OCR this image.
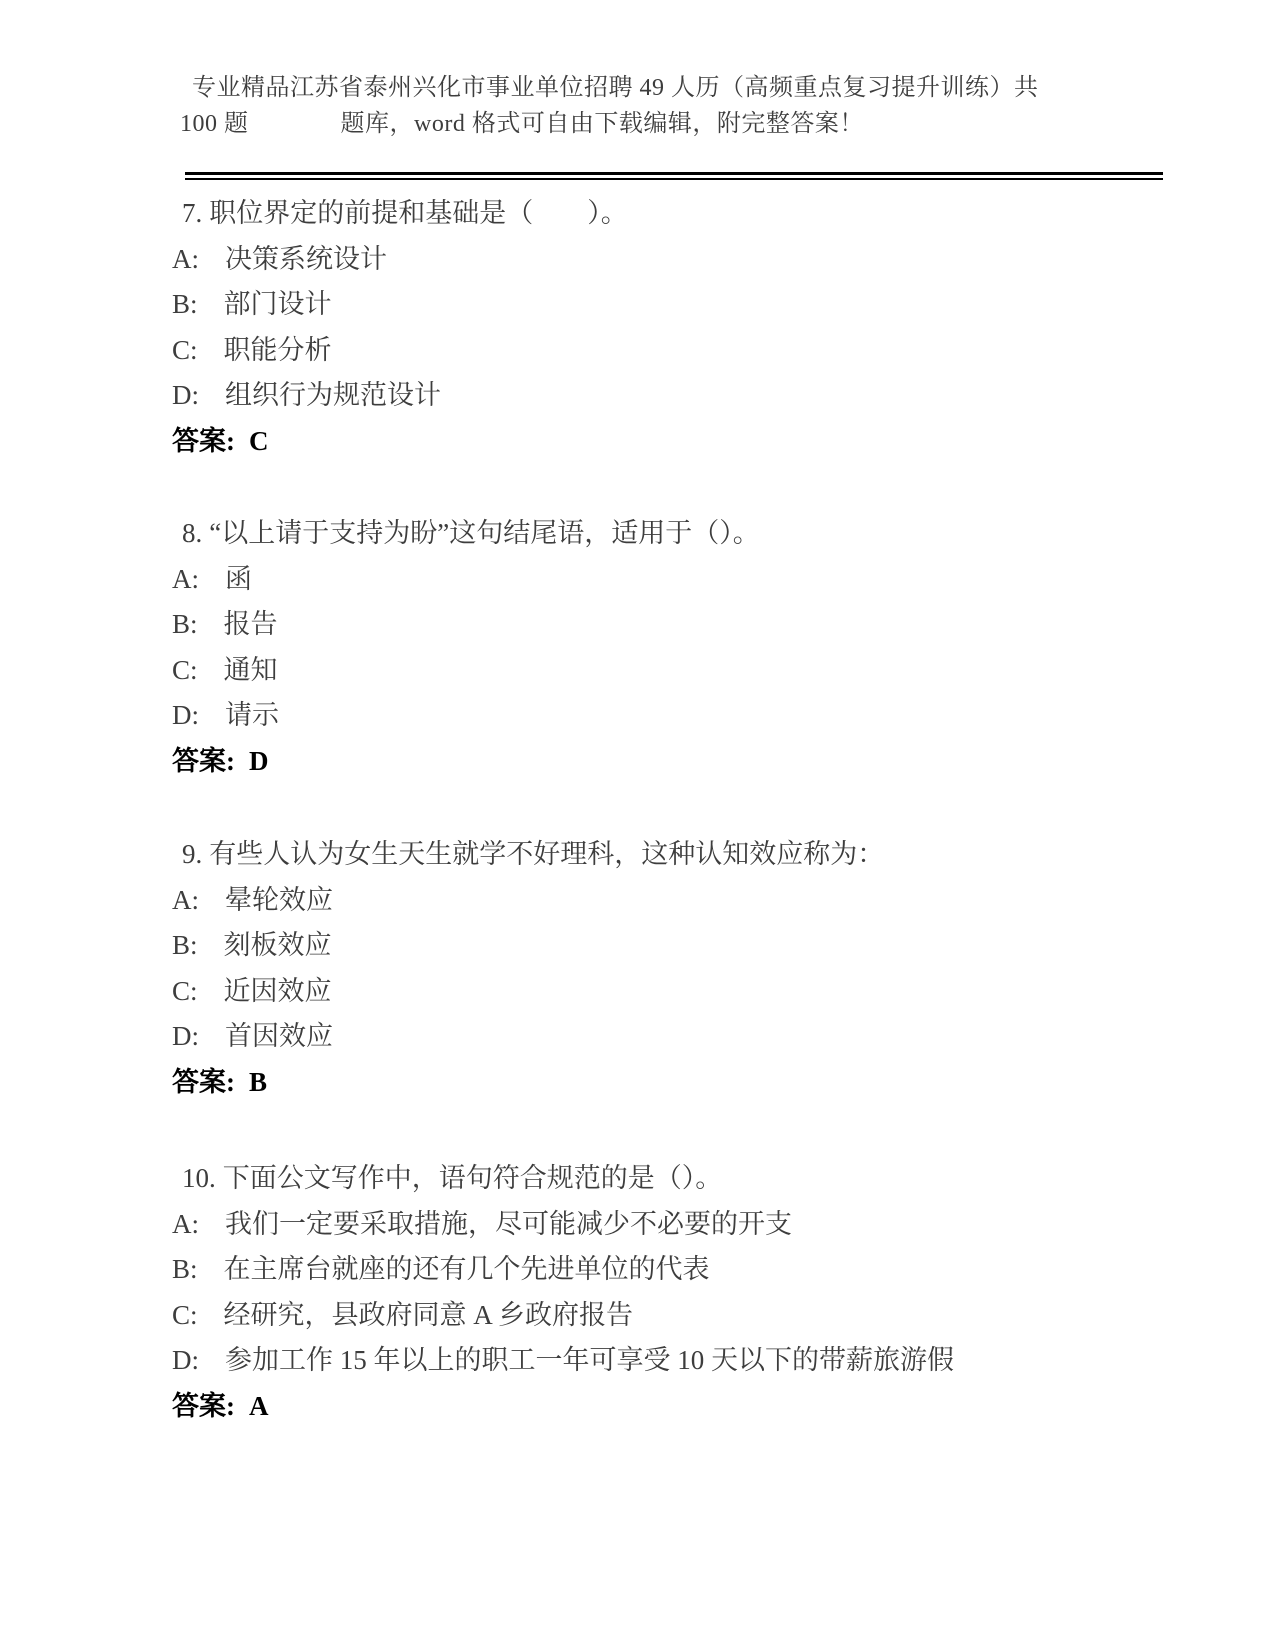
专业精品江苏省泰州兴化市事业单位招聘 49 人历（高频重点复习提升训练）共
100 题	题库，word 格式可自由下载编辑，附完整答案！
7. 职位界定的前提和基础是（　　）。
A: 决策系统设计
B: 部门设计
C: 职能分析
D: 组织行为规范设计
答案: C
8. “以上请于支持为盼”这句结尾语，适用于（）。
A: 函
B: 报告
C: 通知
D: 请示
答案: D
9. 有些人认为女生天生就学不好理科，这种认知效应称为：
A: 晕轮效应
B: 刻板效应
C: 近因效应
D: 首因效应
答案: B
10. 下面公文写作中，语句符合规范的是（）。
A: 我们一定要采取措施，尽可能减少不必要的开支
B: 在主席台就座的还有几个先进单位的代表
C: 经研究，县政府同意 A 乡政府报告
D: 参加工作 15 年以上的职工一年可享受 10 天以下的带薪旅游假
答案: A
